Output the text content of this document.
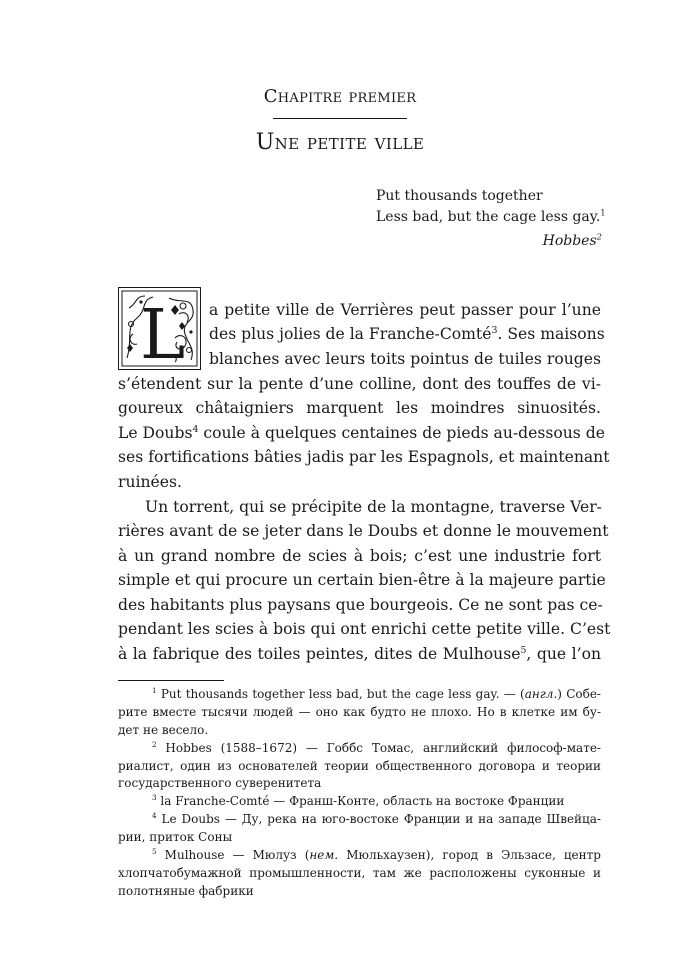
Chapitre premier
Une petite ville
Put thousands together
Less bad, but the cage less gay.$^1$
Hobbes$^2$
L a petite ville de Verrières peut passer pour l’une
des plus jolies de la Franche-Comté$^3$. Ses maisons
blanches avec leurs toits pointus de tuiles rouges
s’étendent sur la pente d’une colline, dont des touffes de vi-
goureux châtaigniers marquent les moindres sinuosités.
Le Doubs$^4$ coule à quelques centaines de pieds au-dessous de
ses fortifications bâties jadis par les Espagnols, et maintenant
ruinées.
Un torrent, qui se précipite de la montagne, traverse Ver-
rières avant de se jeter dans le Doubs et donne le mouvement
à un grand nombre de scies à bois; c’est une industrie fort
simple et qui procure un certain bien-être à la majeure partie
des habitants plus paysans que bourgeois. Ce ne sont pas ce-
pendant les scies à bois qui ont enrichi cette petite ville. C’est
à la fabrique des toiles peintes, dites de Mulhouse$^5$, que l’on
$^1$ Put thousands together less bad, but the cage less gay. — (англ.) Собе-
рите вместе тысячи людей — оно как будто не плохо. Но в клетке им бу-
дет не весело.
$^2$ Hobbes (1588–1672) — Гоббс Томас, английский философ-мате-
риалист, один из основателей теории общественного договора и теории
государственного суверенитета
$^3$ la Franche-Comté — Франш-Конте, область на востоке Франции
$^4$ Le Doubs — Ду, река на юго-востоке Франции и на западе Швейца-
рии, приток Соны
$^5$ Mulhouse — Мюлуз (нем. Мюльхаузен), город в Эльзасе, центр
хлопчатобумажной промышленности, там же расположены суконные и
полотняные фабрики
